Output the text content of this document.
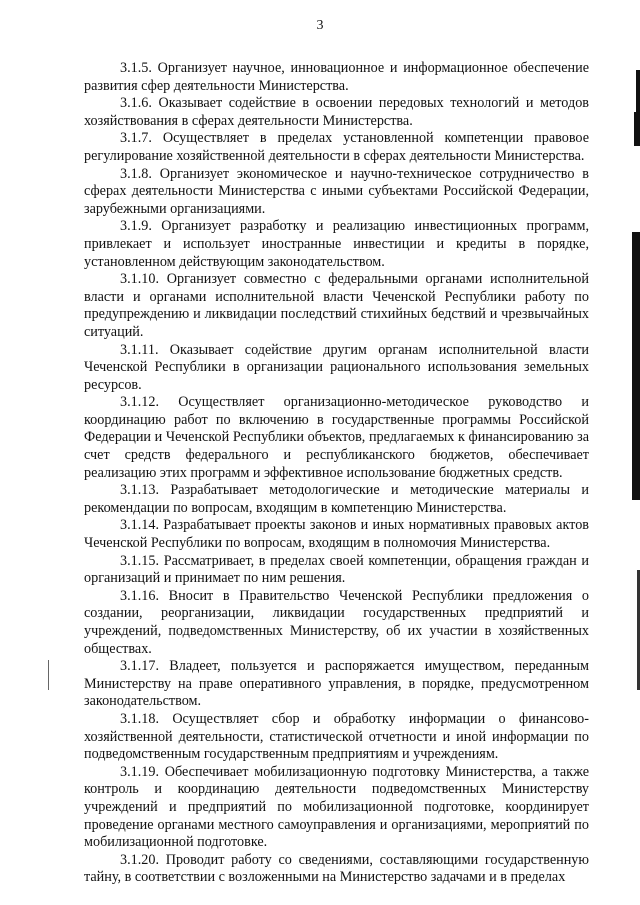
3

3.1.5. Организует научное, инновационное и информационное обеспечение развития сфер деятельности Министерства.

3.1.6. Оказывает содействие в освоении передовых технологий и методов хозяйствования в сферах деятельности Министерства.

3.1.7. Осуществляет в пределах установленной компетенции правовое регулирование хозяйственной деятельности в сферах деятельности Министерства.

3.1.8. Организует экономическое и научно-техническое сотрудничество в сферах деятельности Министерства с иными субъектами Российской Федерации, зарубежными организациями.

3.1.9. Организует разработку и реализацию инвестиционных программ, привлекает и использует иностранные инвестиции и кредиты в порядке, установленном действующим законодательством.

3.1.10. Организует совместно с федеральными органами исполнительной власти и органами исполнительной власти Чеченской Республики работу по предупреждению и ликвидации последствий стихийных бедствий и чрезвычайных ситуаций.

3.1.11. Оказывает содействие другим органам исполнительной власти Чеченской Республики в организации рационального использования земельных ресурсов.

3.1.12. Осуществляет организационно-методическое руководство и координацию работ по включению в государственные программы Российской Федерации и Чеченской Республики объектов, предлагаемых к финансированию за счет средств федерального и республиканского бюджетов, обеспечивает реализацию этих программ и эффективное использование бюджетных средств.

3.1.13. Разрабатывает методологические и методические материалы и рекомендации по вопросам, входящим в компетенцию Министерства.

3.1.14. Разрабатывает проекты законов и иных нормативных правовых актов Чеченской Республики по вопросам, входящим в полномочия Министерства.

3.1.15. Рассматривает, в пределах своей компетенции, обращения граждан и организаций и принимает по ним решения.

3.1.16. Вносит в Правительство Чеченской Республики предложения о создании, реорганизации, ликвидации государственных предприятий и учреждений, подведомственных Министерству, об их участии в хозяйственных обществах.

3.1.17. Владеет, пользуется и распоряжается имуществом, переданным Министерству на праве оперативного управления, в порядке, предусмотренном законодательством.

3.1.18. Осуществляет сбор и обработку информации о финансово-хозяйственной деятельности, статистической отчетности и иной информации по подведомственным государственным предприятиям и учреждениям.

3.1.19. Обеспечивает мобилизационную подготовку Министерства, а также контроль и координацию деятельности подведомственных Министерству учреждений и предприятий по мобилизационной подготовке, координирует проведение органами местного самоуправления и организациями, мероприятий по мобилизационной подготовке.

3.1.20. Проводит работу со сведениями, составляющими государственную тайну, в соответствии с возложенными на Министерство задачами и в пределах
